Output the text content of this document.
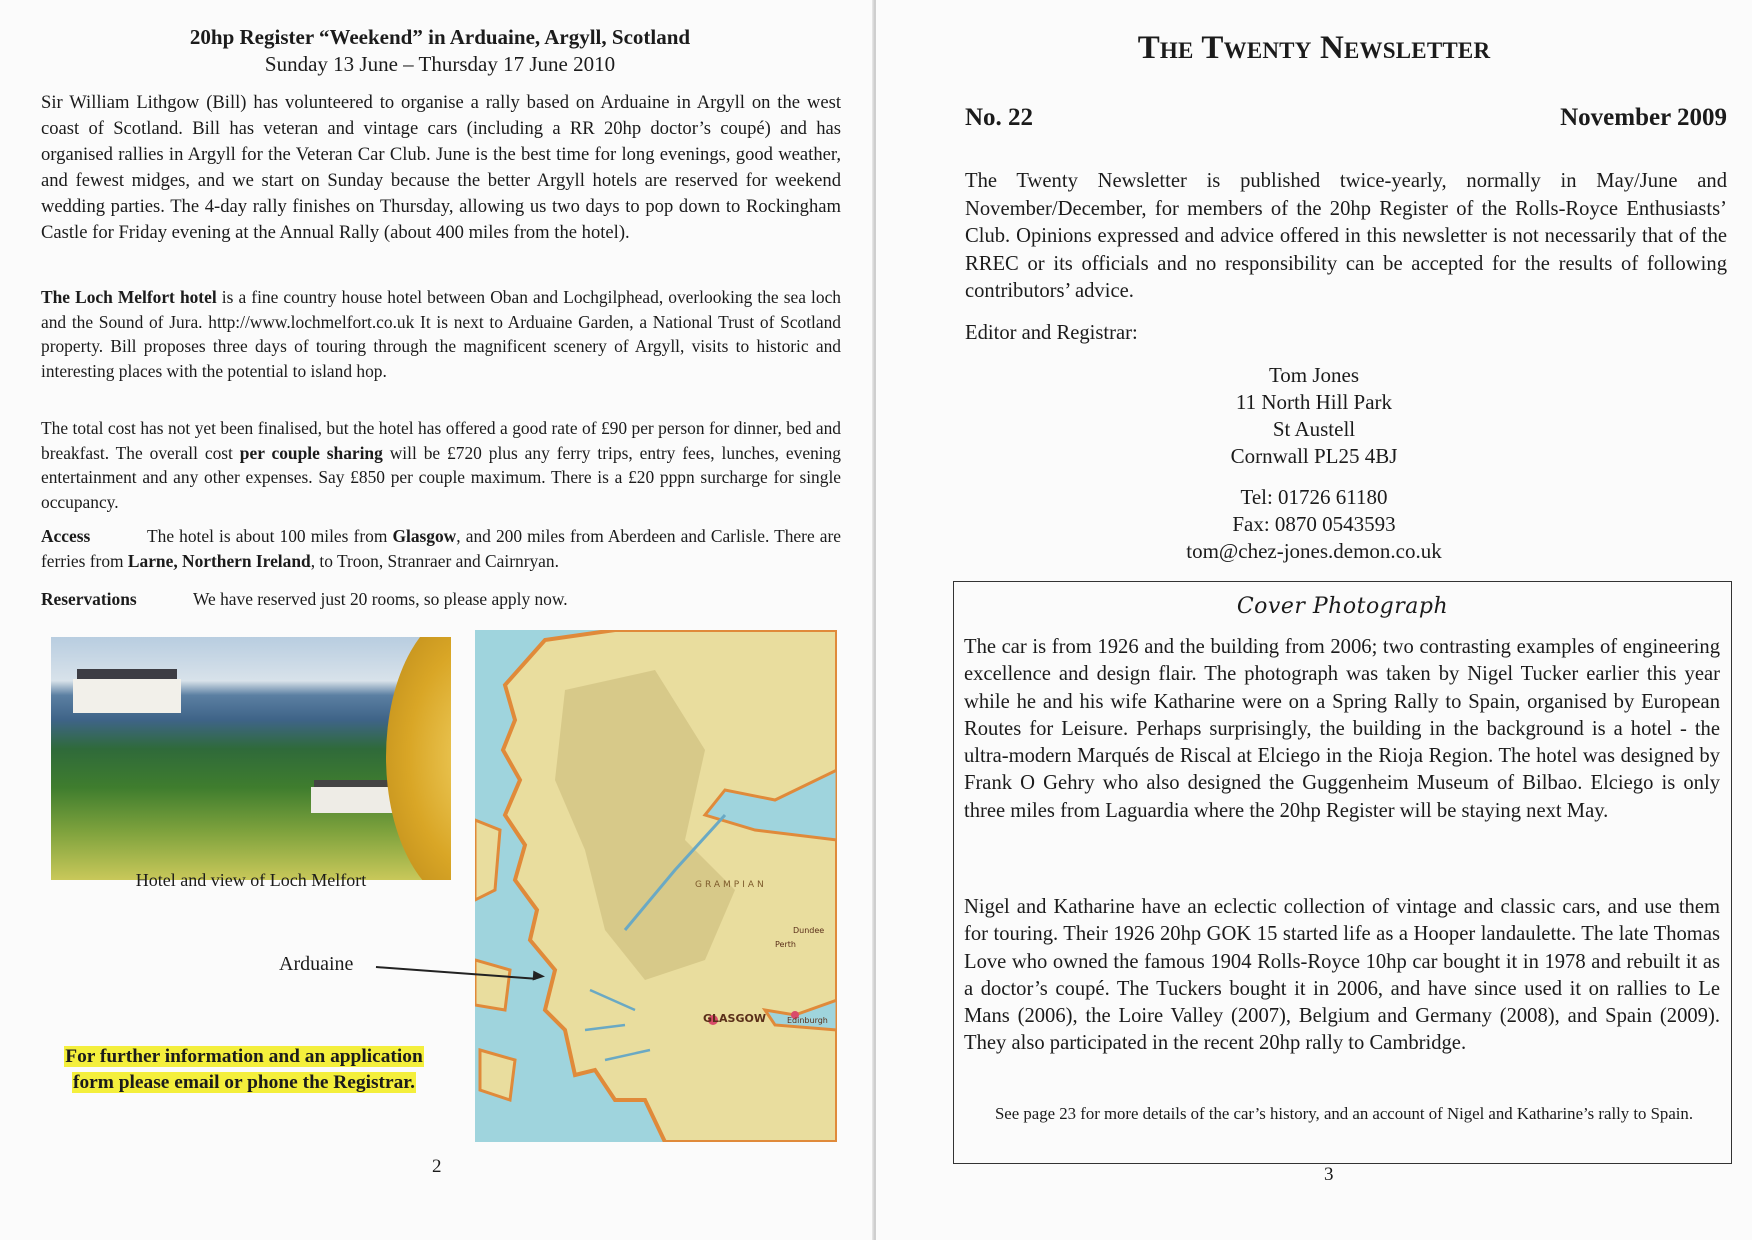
20hp Register “Weekend” in Arduaine, Argyll, Scotland
Sunday 13 June – Thursday 17 June 2010

Sir William Lithgow (Bill) has volunteered to organise a rally based on Arduaine in Argyll on the west coast of Scotland. Bill has veteran and vintage cars (including a RR 20hp doctor’s coupé) and has organised rallies in Argyll for the Veteran Car Club. June is the best time for long evenings, good weather, and fewest midges, and we start on Sunday because the better Argyll hotels are reserved for weekend wedding parties. The 4-day rally finishes on Thursday, allowing us two days to pop down to Rockingham Castle for Friday evening at the Annual Rally (about 400 miles from the hotel).

The Loch Melfort hotel is a fine country house hotel between Oban and Lochgilphead, overlooking the sea loch and the Sound of Jura. http://www.lochmelfort.co.uk It is next to Arduaine Garden, a National Trust of Scotland property. Bill proposes three days of touring through the magnificent scenery of Argyll, visits to historic and interesting places with the potential to island hop.

The total cost has not yet been finalised, but the hotel has offered a good rate of £90 per person for dinner, bed and breakfast. The overall cost per couple sharing will be £720 plus any ferry trips, entry fees, lunches, evening entertainment and any other expenses. Say £850 per couple maximum. There is a £20 pppn surcharge for single occupancy.

Access	The hotel is about 100 miles from Glasgow, and 200 miles from Aberdeen and Carlisle. There are ferries from Larne, Northern Ireland, to Troon, Stranraer and Cairnryan.

Reservations	We have reserved just 20 rooms, so please apply now.

Hotel and view of Loch Melfort	GRAMPIAN
Dundee
Perth
GLASGOW	Edinburgh
Arduaine
For further information and an application form please email or phone the Registrar.
2
The Twenty Newsletter
No. 22	November 2009

The Twenty Newsletter is published twice-yearly, normally in May/June and November/December, for members of the 20hp Register of the Rolls-Royce Enthusiasts’ Club. Opinions expressed and advice offered in this newsletter is not necessarily that of the RREC or its officials and no responsibility can be accepted for the results of following contributors’ advice.

Editor and Registrar:
Tom Jones
11 North Hill Park
St Austell
Cornwall PL25 4BJ
Tel: 01726 61180
Fax: 0870 0543593
tom@chez-jones.demon.co.uk
Cover Photograph

The car is from 1926 and the building from 2006; two contrasting examples of engineering excellence and design flair. The photograph was taken by Nigel Tucker earlier this year while he and his wife Katharine were on a Spring Rally to Spain, organised by European Routes for Leisure. Perhaps surprisingly, the building in the background is a hotel - the ultra-modern Marqués de Riscal at Elciego in the Rioja Region. The hotel was designed by Frank O Gehry who also designed the Guggenheim Museum of Bilbao. Elciego is only three miles from Laguardia where the 20hp Register will be staying next May.

Nigel and Katharine have an eclectic collection of vintage and classic cars, and use them for touring. Their 1926 20hp GOK 15 started life as a Hooper landaulette. The late Thomas Love who owned the famous 1904 Rolls-Royce 10hp car bought it in 1978 and rebuilt it as a doctor’s coupé. The Tuckers bought it in 2006, and have since used it on rallies to Le Mans (2006), the Loire Valley (2007), Belgium and Germany (2008), and Spain (2009). They also participated in the recent 20hp rally to Cambridge.

See page 23 for more details of the car’s history, and an account of Nigel and Katharine’s rally to Spain.
3
